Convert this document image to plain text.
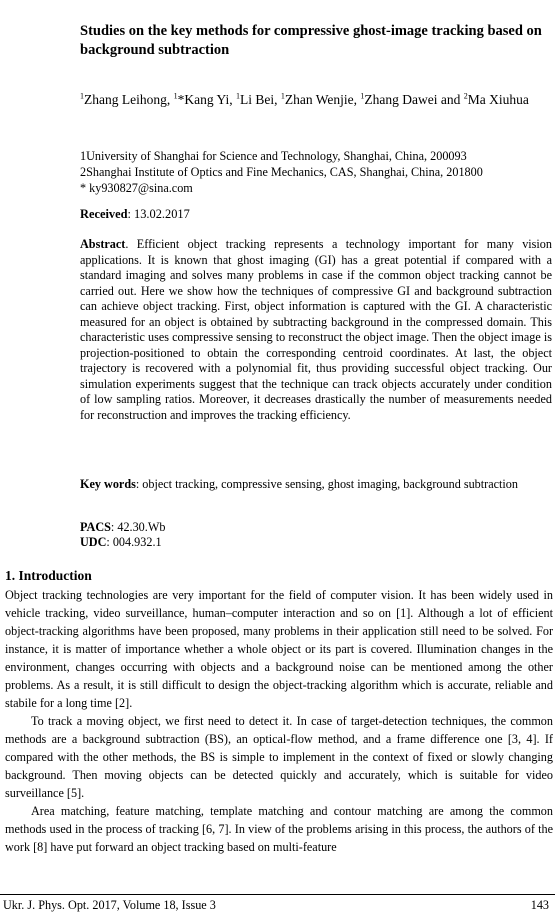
Studies on the key methods for compressive ghost-image tracking based on background subtraction
$^1$Zhang Leihong, $^1$*Kang Yi, $^1$Li Bei, $^1$Zhan Wenjie, $^1$Zhang Dawei and $^2$Ma Xiuhua
1University of Shanghai for Science and Technology, Shanghai, China, 200093
2Shanghai Institute of Optics and Fine Mechanics, CAS, Shanghai, China, 201800
* ky930827@sina.com
Received: 13.02.2017

Abstract. Efficient object tracking represents a technology important for many vision applications. It is known that ghost imaging (GI) has a great potential if compared with a standard imaging and solves many problems in case if the common object tracking cannot be carried out. Here we show how the techniques of compressive GI and background subtraction can achieve object tracking. First, object information is captured with the GI. A characteristic measured for an object is obtained by subtracting background in the compressed domain. This characteristic uses compressive sensing to reconstruct the object image. Then the object image is projection-positioned to obtain the corresponding centroid coordinates. At last, the object trajectory is recovered with a polynomial fit, thus providing successful object tracking. Our simulation experiments suggest that the technique can track objects accurately under condition of low sampling ratios. Moreover, it decreases drastically the number of measurements needed for reconstruction and improves the tracking efficiency.

Key words: object tracking, compressive sensing, ghost imaging, background subtraction
PACS: 42.30.Wb
UDC: 004.932.1
1. Introduction

Object tracking technologies are very important for the field of computer vision. It has been widely used in vehicle tracking, video surveillance, human–computer interaction and so on [1]. Although a lot of efficient object-tracking algorithms have been proposed, many problems in their application still need to be solved. For instance, it is matter of importance whether a whole object or its part is covered. Illumination changes in the environment, changes occurring with objects and a background noise can be mentioned among the other problems. As a result, it is still difficult to design the object-tracking algorithm which is accurate, reliable and stabile for a long time [2].

To track a moving object, we first need to detect it. In case of target-detection techniques, the common methods are a background subtraction (BS), an optical-flow method, and a frame difference one [3, 4]. If compared with the other methods, the BS is simple to implement in the context of fixed or slowly changing background. Then moving objects can be detected quickly and accurately, which is suitable for video surveillance [5].

Area matching, feature matching, template matching and contour matching are among the common methods used in the process of tracking [6, 7]. In view of the problems arising in this process, the authors of the work [8] have put forward an object tracking based on multi-feature

Ukr. J. Phys. Opt. 2017, Volume 18, Issue 3	143
